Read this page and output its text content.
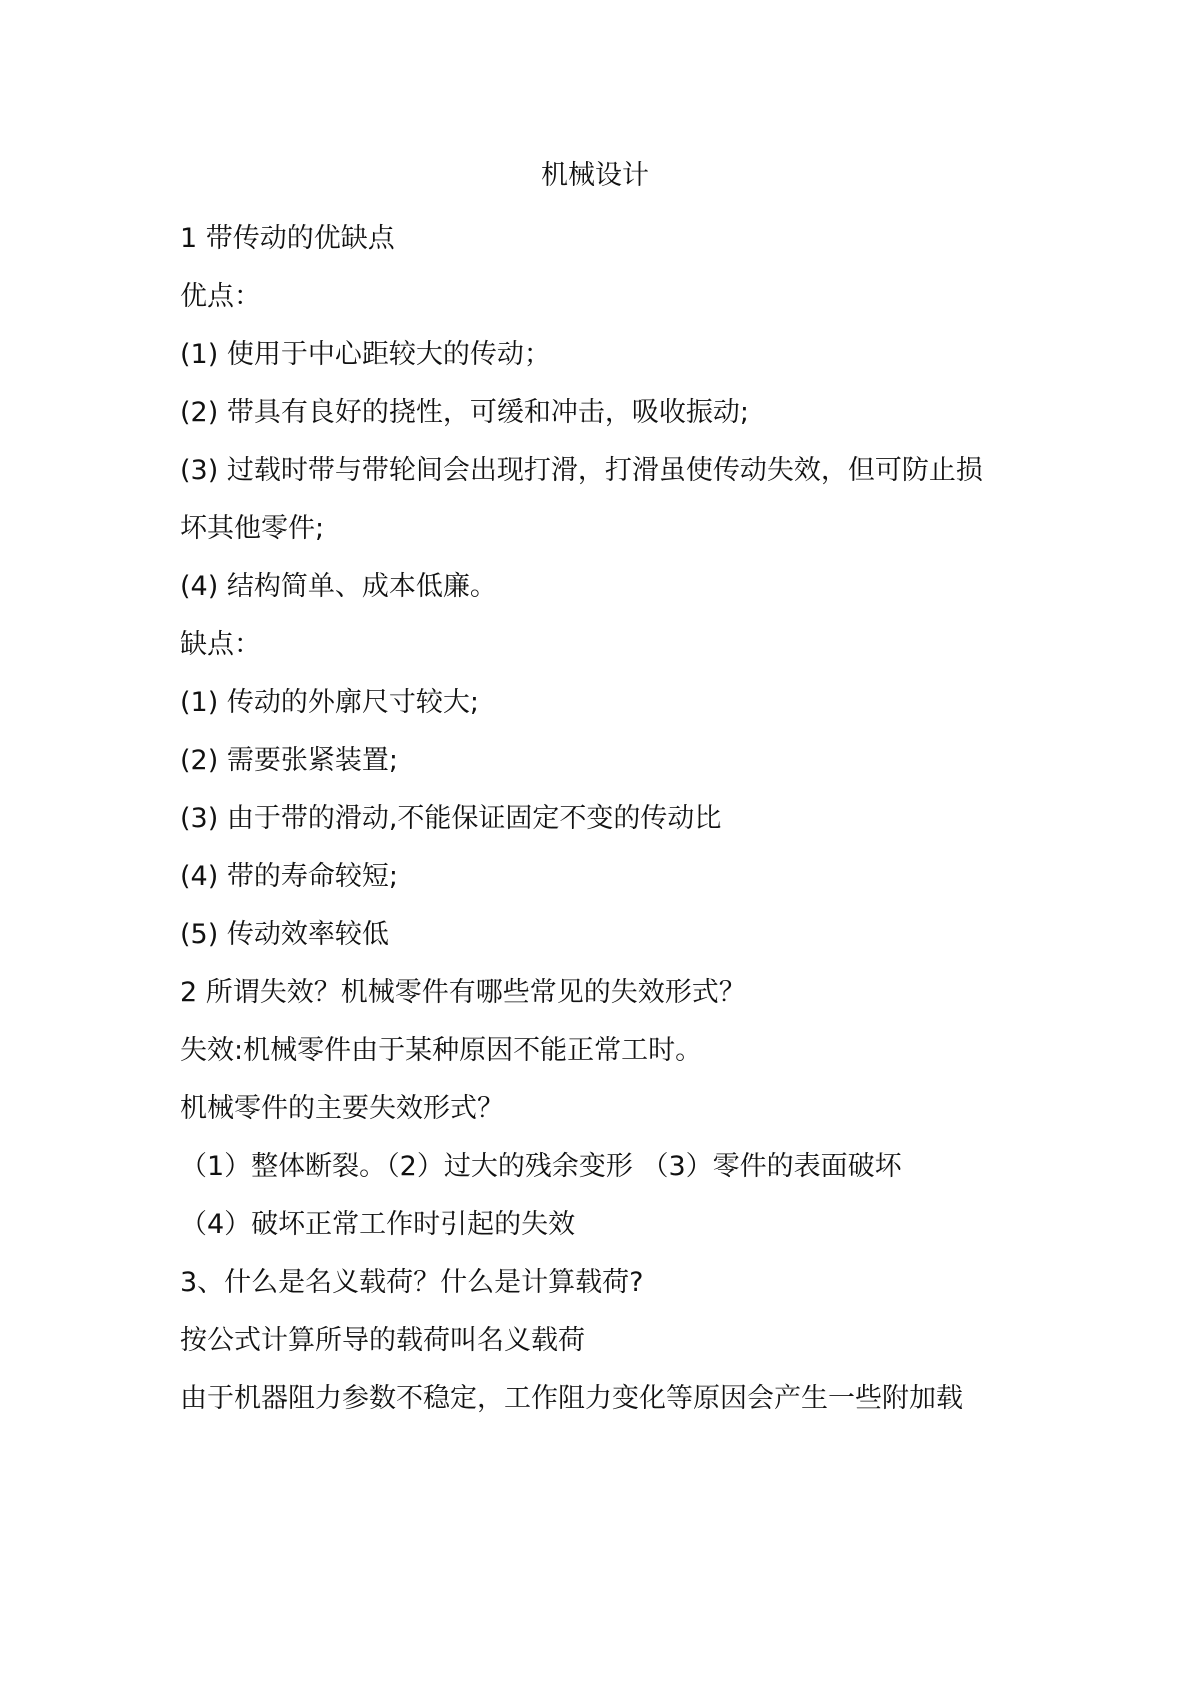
机械设计
1 带传动的优缺点
优点：
(1) 使用于中心距较大的传动；
(2) 带具有良好的挠性，可缓和冲击，吸收振动;
(3) 过载时带与带轮间会出现打滑，打滑虽使传动失效，但可防止损
坏其他零件;
(4) 结构简单、成本低廉。
缺点：
(1) 传动的外廓尺寸较大;
(2) 需要张紧装置;
(3) 由于带的滑动,不能保证固定不变的传动比
(4) 带的寿命较短;
(5) 传动效率较低
2 所谓失效？机械零件有哪些常见的失效形式？
失效:机械零件由于某种原因不能正常工时。
机械零件的主要失效形式？
（1）整体断裂。（2）过大的残余变形 （3）零件的表面破坏
（4）破坏正常工作时引起的失效
3、什么是名义载荷？什么是计算载荷?
按公式计算所导的载荷叫名义载荷
由于机器阻力参数不稳定，工作阻力变化等原因会产生一些附加载
